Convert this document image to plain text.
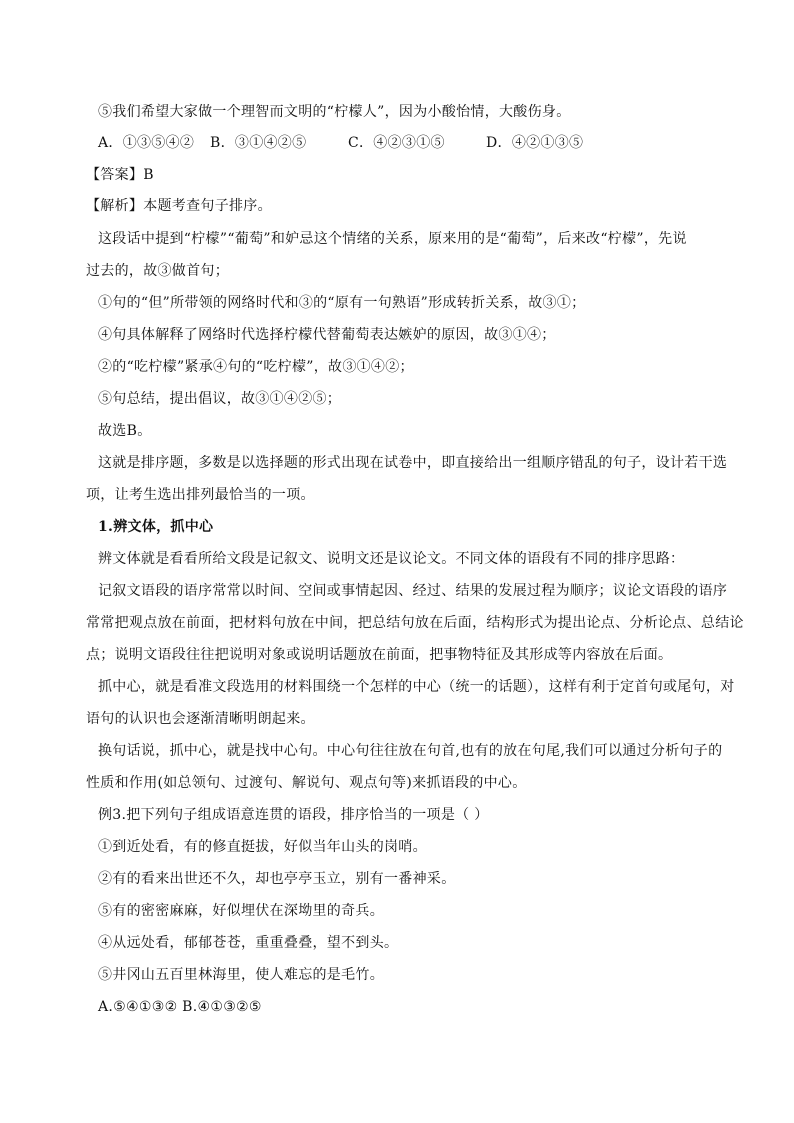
⑤我们希望大家做一个理智而文明的“柠檬人”，因为小酸怡情，大酸伤身。
A．①③⑤④② B．③①④②⑤	C．④②③①⑤	D．④②①③⑤
【答案】B
【解析】本题考查句子排序。
这段话中提到“柠檬”“葡萄”和妒忌这个情绪的关系，原来用的是“葡萄”，后来改“柠檬”，先说
过去的，故③做首句；
①句的“但”所带领的网络时代和③的“原有一句熟语”形成转折关系，故③①；
④句具体解释了网络时代选择柠檬代替葡萄表达嫉妒的原因，故③①④；
②的“吃柠檬”紧承④句的“吃柠檬”，故③①④②；
⑤句总结，提出倡议，故③①④②⑤；
故选B。
这就是排序题，多数是以选择题的形式出现在试卷中，即直接给出一组顺序错乱的句子，设计若干选
项，让考生选出排列最恰当的一项。
1.辨文体，抓中心
辨文体就是看看所给文段是记叙文、说明文还是议论文。不同文体的语段有不同的排序思路：
记叙文语段的语序常常以时间、空间或事情起因、经过、结果的发展过程为顺序；议论文语段的语序
常常把观点放在前面，把材料句放在中间，把总结句放在后面，结构形式为提出论点、分析论点、总结论
点；说明文语段往往把说明对象或说明话题放在前面，把事物特征及其形成等内容放在后面。
抓中心，就是看准文段选用的材料围绕一个怎样的中心（统一的话题），这样有利于定首句或尾句，对
语句的认识也会逐渐清晰明朗起来。
换句话说，抓中心，就是找中心句。中心句往往放在句首,也有的放在句尾,我们可以通过分析句子的
性质和作用(如总领句、过渡句、解说句、观点句等)来抓语段的中心。
例3.把下列句子组成语意连贯的语段，排序恰当的一项是（ ）
①到近处看，有的修直挺拔，好似当年山头的岗哨。
②有的看来出世还不久，却也亭亭玉立，别有一番神采。
⑤有的密密麻麻，好似埋伏在深坳里的奇兵。
④从远处看，郁郁苍苍，重重叠叠，望不到头。
⑤井冈山五百里林海里，使人难忘的是毛竹。
A.⑤④①③② B.④①③②⑤
